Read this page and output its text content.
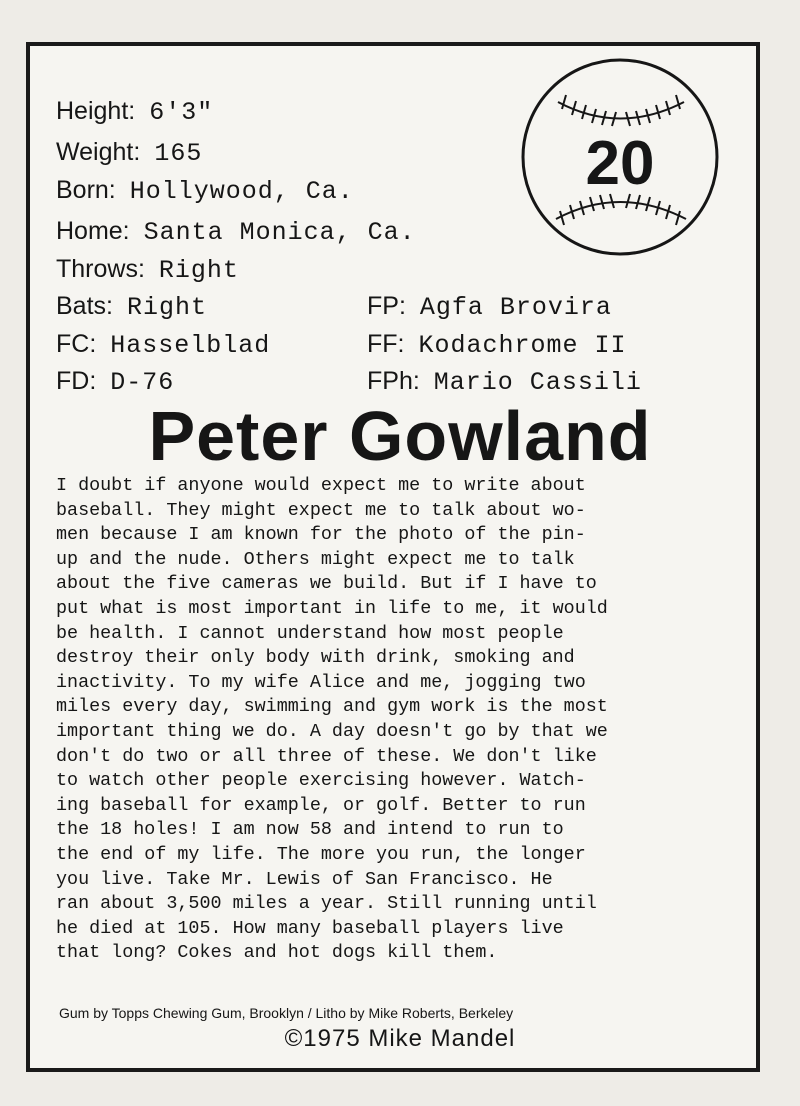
Height: 6'3"
Weight: 165
Born: Hollywood, Ca.
Home: Santa Monica, Ca.
Throws: Right
Bats: Right
FC: Hasselblad
FD: D-76
FP: Agfa Brovira
FF: Kodachrome II
FPh: Mario Cassili
20
Peter Gowland
I doubt if anyone would expect me to write about
baseball. They might expect me to talk about wo-
men because I am known for the photo of the pin-
up and the nude. Others might expect me to talk
about the five cameras we build. But if I have to
put what is most important in life to me, it would
be health. I cannot understand how most people
destroy their only body with drink, smoking and
inactivity. To my wife Alice and me, jogging two
miles every day, swimming and gym work is the most
important thing we do. A day doesn't go by that we
don't do two or all three of these. We don't like
to watch other people exercising however. Watch-
ing baseball for example, or golf. Better to run
the 18 holes! I am now 58 and intend to run to
the end of my life. The more you run, the longer
you live. Take Mr. Lewis of San Francisco. He
ran about 3,500 miles a year. Still running until
he died at 105. How many baseball players live
that long? Cokes and hot dogs kill them.
Gum by Topps Chewing Gum, Brooklyn / Litho by Mike Roberts, Berkeley
©1975 Mike Mandel
